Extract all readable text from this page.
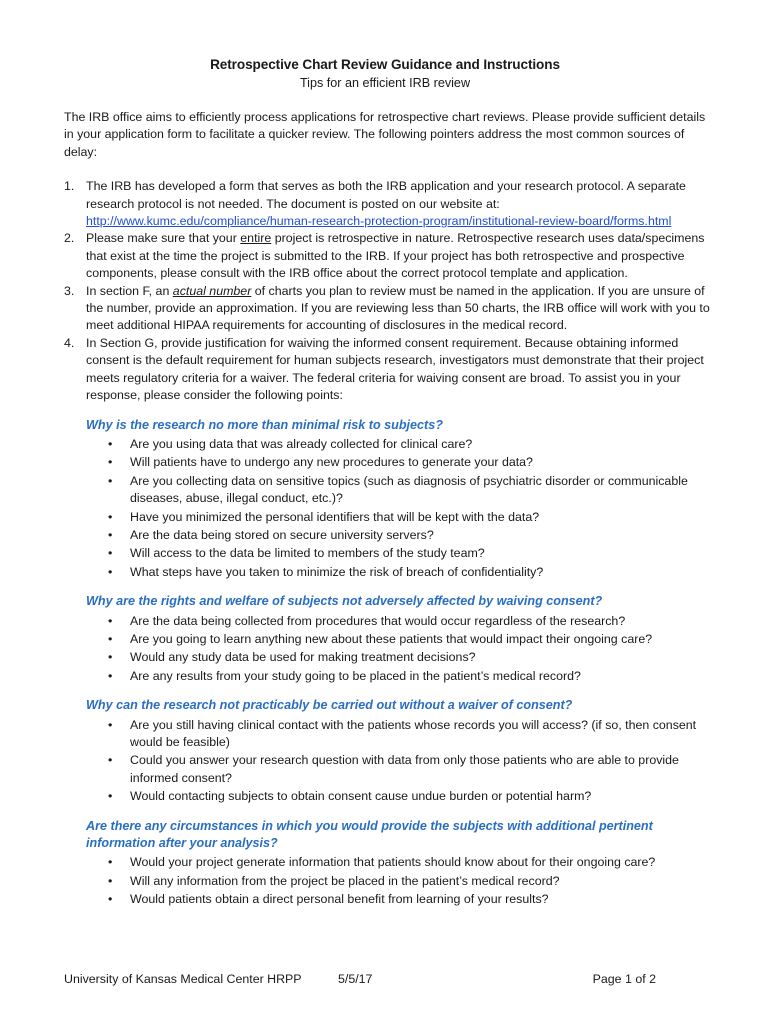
Retrospective Chart Review Guidance and Instructions
Tips for an efficient IRB review

The IRB office aims to efficiently process applications for retrospective chart reviews. Please provide sufficient details in your application form to facilitate a quicker review. The following pointers address the most common sources of delay:

1. The IRB has developed a form that serves as both the IRB application and your research protocol. A separate research protocol is not needed. The document is posted on our website at:
http://www.kumc.edu/compliance/human-research-protection-program/institutional-review-board/forms.html
2. Please make sure that your entire project is retrospective in nature. Retrospective research uses data/specimens that exist at the time the project is submitted to the IRB. If your project has both retrospective and prospective components, please consult with the IRB office about the correct protocol template and application.
3. In section F, an actual number of charts you plan to review must be named in the application. If you are unsure of the number, provide an approximation. If you are reviewing less than 50 charts, the IRB office will work with you to meet additional HIPAA requirements for accounting of disclosures in the medical record.
4. In Section G, provide justification for waiving the informed consent requirement. Because obtaining informed consent is the default requirement for human subjects research, investigators must demonstrate that their project meets regulatory criteria for a waiver. The federal criteria for waiving consent are broad. To assist you in your response, please consider the following points:
Why is the research no more than minimal risk to subjects?
• Are you using data that was already collected for clinical care?
• Will patients have to undergo any new procedures to generate your data?
• Are you collecting data on sensitive topics (such as diagnosis of psychiatric disorder or communicable diseases, abuse, illegal conduct, etc.)?
• Have you minimized the personal identifiers that will be kept with the data?
• Are the data being stored on secure university servers?
• Will access to the data be limited to members of the study team?
• What steps have you taken to minimize the risk of breach of confidentiality?
Why are the rights and welfare of subjects not adversely affected by waiving consent?
• Are the data being collected from procedures that would occur regardless of the research?
• Are you going to learn anything new about these patients that would impact their ongoing care?
• Would any study data be used for making treatment decisions?
• Are any results from your study going to be placed in the patient’s medical record?
Why can the research not practicably be carried out without a waiver of consent?
• Are you still having clinical contact with the patients whose records you will access? (if so, then consent would be feasible)
• Could you answer your research question with data from only those patients who are able to provide informed consent?
• Would contacting subjects to obtain consent cause undue burden or potential harm?
Are there any circumstances in which you would provide the subjects with additional pertinent information after your analysis?
• Would your project generate information that patients should know about for their ongoing care?
• Will any information from the project be placed in the patient’s medical record?
• Would patients obtain a direct personal benefit from learning of your results?
University of Kansas Medical Center HRPP	5/5/17	Page 1 of 2
